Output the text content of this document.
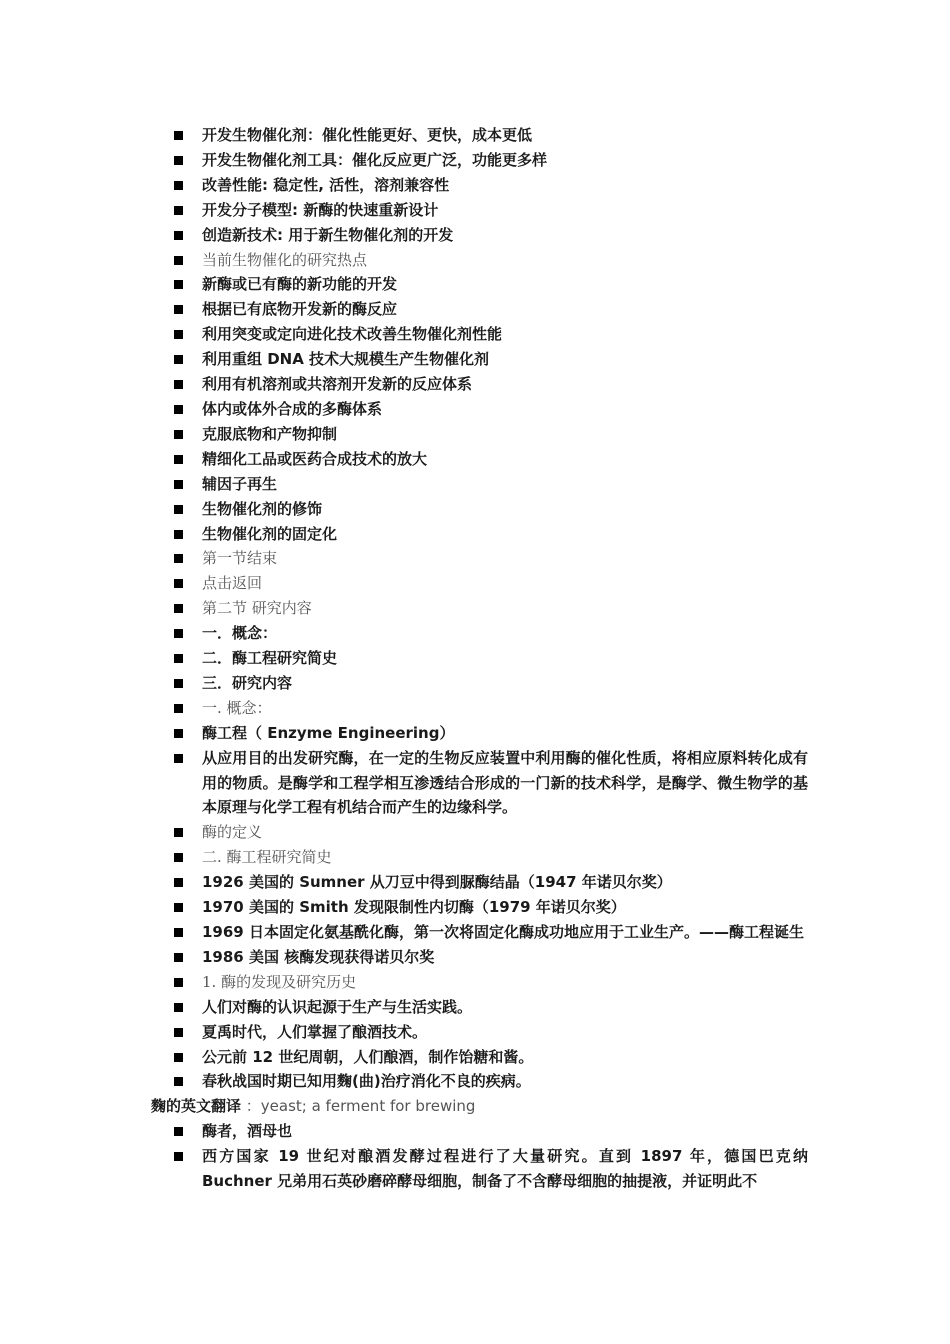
开发生物催化剂：催化性能更好、更快，成本更低
开发生物催化剂工具：催化反应更广泛，功能更多样
改善性能: 稳定性, 活性，溶剂兼容性
开发分子模型: 新酶的快速重新设计
创造新技术: 用于新生物催化剂的开发
当前生物催化的研究热点
新酶或已有酶的新功能的开发
根据已有底物开发新的酶反应
利用突变或定向进化技术改善生物催化剂性能
利用重组 DNA 技术大规模生产生物催化剂
利用有机溶剂或共溶剂开发新的反应体系
体内或体外合成的多酶体系
克服底物和产物抑制
精细化工品或医药合成技术的放大
辅因子再生
生物催化剂的修饰
生物催化剂的固定化
第一节结束
点击返回
第二节 研究内容
一．概念：
二．酶工程研究简史
三．研究内容
一. 概念：
酶工程（ Enzyme Engineering）
从应用目的出发研究酶，在一定的生物反应装置中利用酶的催化性质，将相应原料转化成有用的物质。是酶学和工程学相互渗透结合形成的一门新的技术科学，是酶学、微生物学的基本原理与化学工程有机结合而产生的边缘科学。
酶的定义
二. 酶工程研究简史
1926 美国的 Sumner 从刀豆中得到脲酶结晶（1947 年诺贝尔奖）
1970 美国的 Smith 发现限制性内切酶（1979 年诺贝尔奖）
1969 日本固定化氨基酰化酶，第一次将固定化酶成功地应用于工业生产。——酶工程诞生
1986 美国 核酶发现获得诺贝尔奖
1. 酶的发现及研究历史
人们对酶的认识起源于生产与生活实践。
夏禹时代，人们掌握了酿酒技术。
公元前 12 世纪周朝，人们酿酒，制作饴糖和酱。
春秋战国时期已知用麴(曲)治疗消化不良的疾病。
麴的英文翻译 ：yeast; a ferment for brewing
酶者，酒母也
西方国家 19 世纪对酿酒发酵过程进行了大量研究。直到 1897 年，德国巴克纳 Buchner 兄弟用石英砂磨碎酵母细胞，制备了不含酵母细胞的抽提液，并证明此不
